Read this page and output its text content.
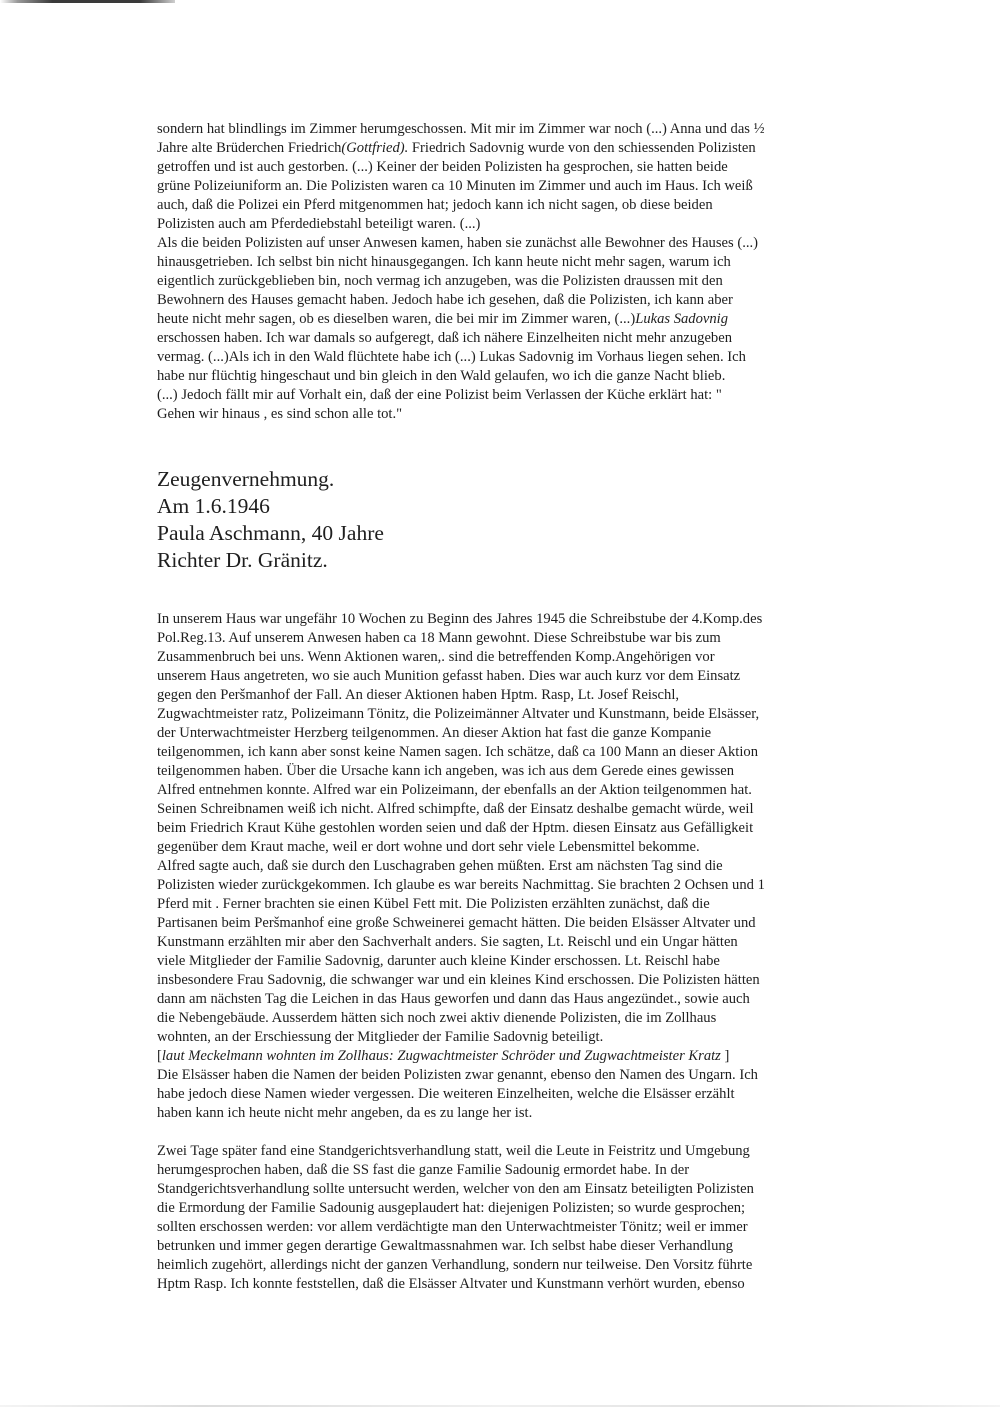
sondern hat blindlings im Zimmer herumgeschossen. Mit mir im Zimmer war noch (...) Anna und das ½
Jahre alte Brüderchen Friedrich(Gottfried). Friedrich Sadovnig wurde von den schiessenden Polizisten
getroffen und ist auch gestorben. (...) Keiner der beiden Polizisten ha gesprochen, sie hatten beide
grüne Polizeiuniform an. Die Polizisten waren ca 10 Minuten im Zimmer und auch im Haus. Ich weiß
auch, daß die Polizei ein Pferd mitgenommen hat; jedoch kann ich nicht sagen, ob diese beiden
Polizisten auch am Pferdediebstahl beteiligt waren. (...)
Als die beiden Polizisten auf unser Anwesen kamen, haben sie zunächst alle Bewohner des Hauses (...)
hinausgetrieben. Ich selbst bin nicht hinausgegangen. Ich kann heute nicht mehr sagen, warum ich
eigentlich zurückgeblieben bin, noch vermag ich anzugeben, was die Polizisten draussen mit den
Bewohnern des Hauses gemacht haben. Jedoch habe ich gesehen, daß die Polizisten, ich kann aber
heute nicht mehr sagen, ob es dieselben waren, die bei mir im Zimmer waren, (...)Lukas Sadovnig
erschossen haben. Ich war damals so aufgeregt, daß ich nähere Einzelheiten nicht mehr anzugeben
vermag. (...)Als ich in den Wald flüchtete habe ich (...) Lukas Sadovnig im Vorhaus liegen sehen. Ich
habe nur flüchtig hingeschaut und bin gleich in den Wald gelaufen, wo ich die ganze Nacht blieb.
(...) Jedoch fällt mir auf Vorhalt ein, daß der eine Polizist beim Verlassen der Küche erklärt hat: "
Gehen wir hinaus , es sind schon alle tot."
Zeugenvernehmung.
Am 1.6.1946
Paula Aschmann, 40 Jahre
Richter Dr. Gränitz.
In unserem Haus war ungefähr 10 Wochen zu Beginn des Jahres 1945 die Schreibstube der 4.Komp.des
Pol.Reg.13. Auf unserem Anwesen haben ca 18 Mann gewohnt. Diese Schreibstube war bis zum
Zusammenbruch bei uns. Wenn Aktionen waren,. sind die betreffenden Komp.Angehörigen vor
unserem Haus angetreten, wo sie auch Munition gefasst haben. Dies war auch kurz vor dem Einsatz
gegen den Peršmanhof der Fall. An dieser Aktionen haben Hptm. Rasp, Lt. Josef Reischl,
Zugwachtmeister ratz, Polizeimann Tönitz, die Polizeimänner Altvater und Kunstmann, beide Elsässer,
der Unterwachtmeister Herzberg teilgenommen. An dieser Aktion hat fast die ganze Kompanie
teilgenommen, ich kann aber sonst keine Namen sagen. Ich schätze, daß ca 100 Mann an dieser Aktion
teilgenommen haben. Über die Ursache kann ich angeben, was ich aus dem Gerede eines gewissen
Alfred entnehmen konnte. Alfred war ein Polizeimann, der ebenfalls an der Aktion teilgenommen hat.
Seinen Schreibnamen weiß ich nicht. Alfred schimpfte, daß der Einsatz deshalbe gemacht würde, weil
beim Friedrich Kraut Kühe gestohlen worden seien und daß der Hptm. diesen Einsatz aus Gefälligkeit
gegenüber dem Kraut mache, weil er dort wohne und dort sehr viele Lebensmittel bekomme.
Alfred sagte auch, daß sie durch den Luschagraben gehen müßten. Erst am nächsten Tag sind die
Polizisten wieder zurückgekommen. Ich glaube es war bereits Nachmittag. Sie brachten 2 Ochsen und 1
Pferd mit . Ferner brachten sie einen Kübel Fett mit. Die Polizisten erzählten zunächst, daß die
Partisanen beim Peršmanhof eine große Schweinerei gemacht hätten. Die beiden Elsässer Altvater und
Kunstmann erzählten mir aber den Sachverhalt anders. Sie sagten, Lt. Reischl und ein Ungar hätten
viele Mitglieder der Familie Sadovnig, darunter auch kleine Kinder erschossen. Lt. Reischl habe
insbesondere Frau Sadovnig, die schwanger war und ein kleines Kind erschossen. Die Polizisten hätten
dann am nächsten Tag die Leichen in das Haus geworfen und dann das Haus angezündet., sowie auch
die Nebengebäude. Ausserdem hätten sich noch zwei aktiv dienende Polizisten, die im Zollhaus
wohnten, an der Erschiessung der Mitglieder der Familie Sadovnig beteiligt.
[laut Meckelmann wohnten im Zollhaus: Zugwachtmeister Schröder und Zugwachtmeister Kratz ]
Die Elsässer haben die Namen der beiden Polizisten zwar genannt, ebenso den Namen des Ungarn. Ich
habe jedoch diese Namen wieder vergessen. Die weiteren Einzelheiten, welche die Elsässer erzählt
haben kann ich heute nicht mehr angeben, da es zu lange her ist.
Zwei Tage später fand eine Standgerichtsverhandlung statt, weil die Leute in Feistritz und Umgebung
herumgesprochen haben, daß die SS fast die ganze Familie Sadounig ermordet habe. In der
Standgerichtsverhandlung sollte untersucht werden, welcher von den am Einsatz beteiligten Polizisten
die Ermordung der Familie Sadounig ausgeplaudert hat: diejenigen Polizisten; so wurde gesprochen;
sollten erschossen werden: vor allem verdächtigte man den Unterwachtmeister Tönitz; weil er immer
betrunken und immer gegen derartige Gewaltmassnahmen war. Ich selbst habe dieser Verhandlung
heimlich zugehört, allerdings nicht der ganzen Verhandlung, sondern nur teilweise. Den Vorsitz führte
Hptm Rasp. Ich konnte feststellen, daß die Elsässer Altvater und Kunstmann verhört wurden, ebenso
